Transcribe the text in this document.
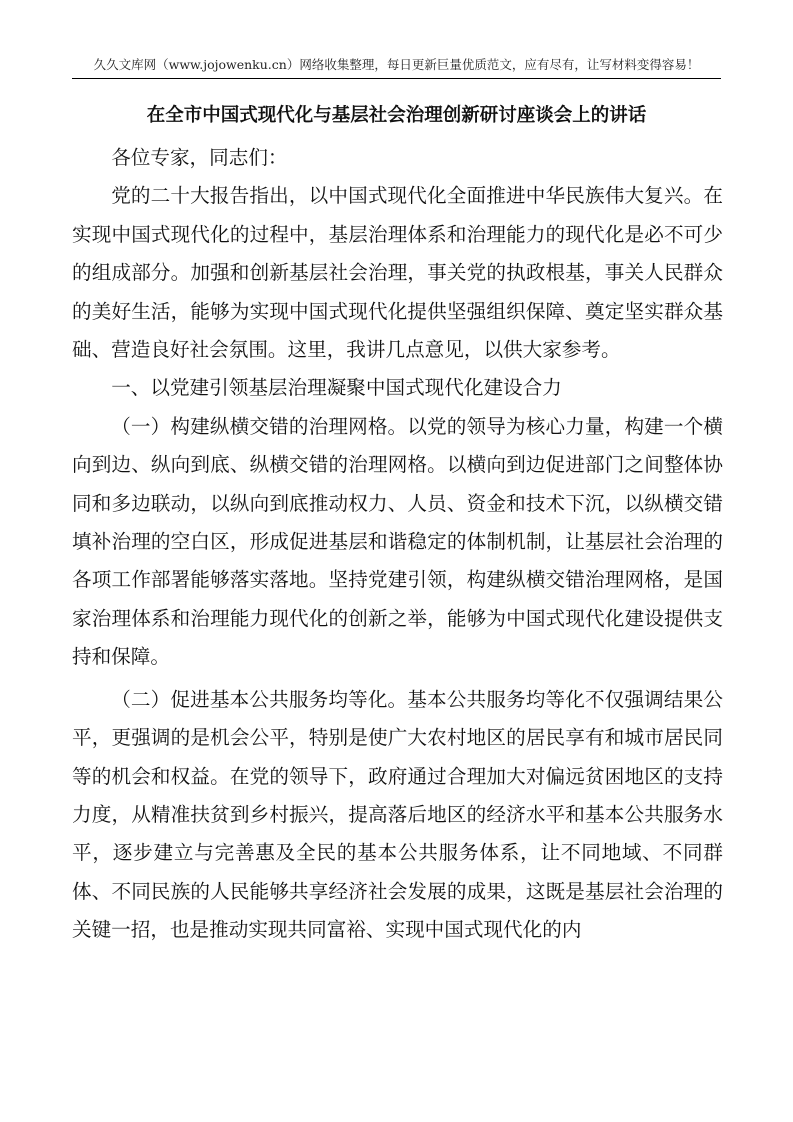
久久文库网（www.jojowenku.cn）网络收集整理，每日更新巨量优质范文，应有尽有，让写材料变得容易！
在全市中国式现代化与基层社会治理创新研讨座谈会上的讲话

各位专家，同志们：

党的二十大报告指出，以中国式现代化全面推进中华民族伟大复兴。在实现中国式现代化的过程中，基层治理体系和治理能力的现代化是必不可少的组成部分。加强和创新基层社会治理，事关党的执政根基，事关人民群众的美好生活，能够为实现中国式现代化提供坚强组织保障、奠定坚实群众基础、营造良好社会氛围。这里，我讲几点意见，以供大家参考。

一、以党建引领基层治理凝聚中国式现代化建设合力

（一）构建纵横交错的治理网格。以党的领导为核心力量，构建一个横向到边、纵向到底、纵横交错的治理网格。以横向到边促进部门之间整体协同和多边联动，以纵向到底推动权力、人员、资金和技术下沉，以纵横交错填补治理的空白区，形成促进基层和谐稳定的体制机制，让基层社会治理的各项工作部署能够落实落地。坚持党建引领，构建纵横交错治理网格，是国家治理体系和治理能力现代化的创新之举，能够为中国式现代化建设提供支持和保障。

（二）促进基本公共服务均等化。基本公共服务均等化不仅强调结果公平，更强调的是机会公平，特别是使广大农村地区的居民享有和城市居民同等的机会和权益。在党的领导下，政府通过合理加大对偏远贫困地区的支持力度，从精准扶贫到乡村振兴，提高落后地区的经济水平和基本公共服务水平，逐步建立与完善惠及全民的基本公共服务体系，让不同地域、不同群体、不同民族的人民能够共享经济社会发展的成果，这既是基层社会治理的关键一招，也是推动实现共同富裕、实现中国式现代化的内
